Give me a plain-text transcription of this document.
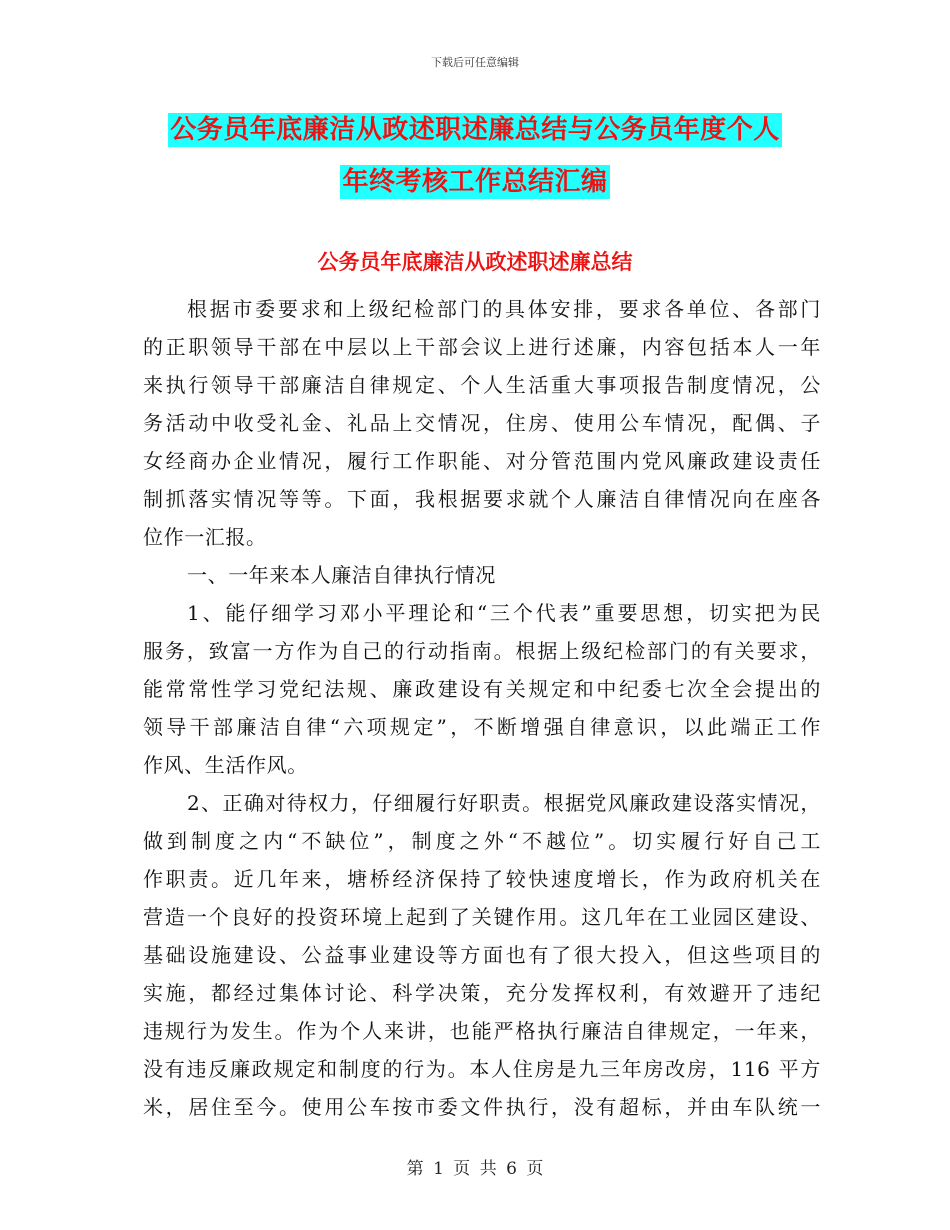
下载后可任意编辑
公务员年底廉洁从政述职述廉总结与公务员年度个人
年终考核工作总结汇编
公务员年底廉洁从政述职述廉总结
根据市委要求和上级纪检部门的具体安排，要求各单位、各部门
的正职领导干部在中层以上干部会议上进行述廉，内容包括本人一年
来执行领导干部廉洁自律规定、个人生活重大事项报告制度情况，公
务活动中收受礼金、礼品上交情况，住房、使用公车情况，配偶、子
女经商办企业情况，履行工作职能、对分管范围内党风廉政建设责任
制抓落实情况等等。下面，我根据要求就个人廉洁自律情况向在座各
位作一汇报。
一、一年来本人廉洁自律执行情况
1、能仔细学习邓小平理论和“三个代表”重要思想，切实把为民
服务，致富一方作为自己的行动指南。根据上级纪检部门的有关要求，
能常常性学习党纪法规、廉政建设有关规定和中纪委七次全会提出的
领导干部廉洁自律“六项规定”，不断增强自律意识，以此端正工作
作风、生活作风。
2、正确对待权力，仔细履行好职责。根据党风廉政建设落实情况，
做到制度之内“不缺位”，制度之外“不越位”。切实履行好自己工
作职责。近几年来，塘桥经济保持了较快速度增长，作为政府机关在
营造一个良好的投资环境上起到了关键作用。这几年在工业园区建设、
基础设施建设、公益事业建设等方面也有了很大投入，但这些项目的
实施，都经过集体讨论、科学决策，充分发挥权利，有效避开了违纪
违规行为发生。作为个人来讲，也能严格执行廉洁自律规定，一年来，
没有违反廉政规定和制度的行为。本人住房是九三年房改房，116 平方
米，居住至今。使用公车按市委文件执行，没有超标，并由车队统一
第 1 页 共 6 页
